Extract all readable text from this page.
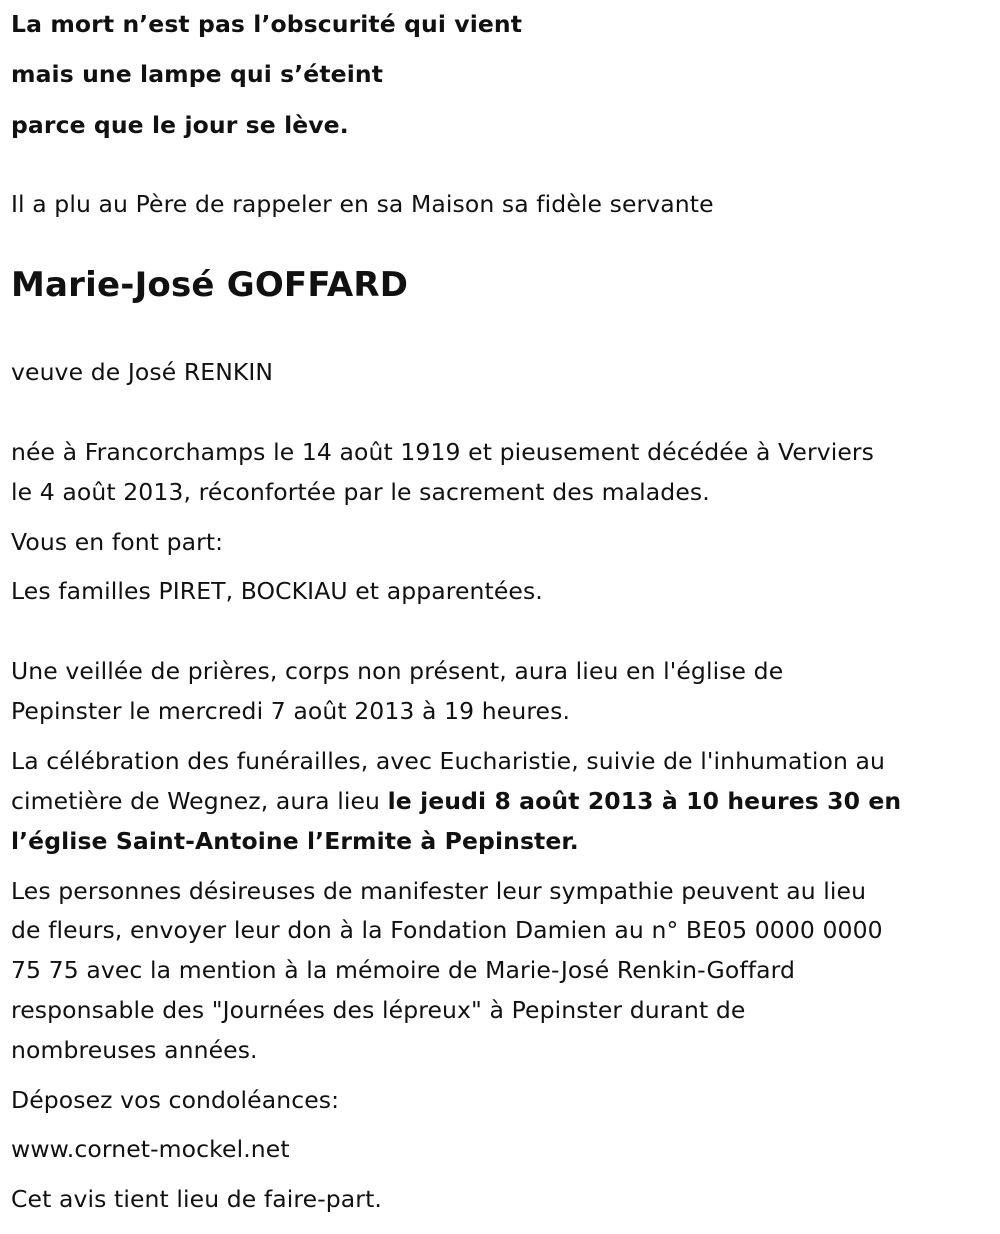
La mort n’est pas l’obscurité qui vient
mais une lampe qui s’éteint
parce que le jour se lève.
Il a plu au Père de rappeler en sa Maison sa fidèle servante
Marie-José GOFFARD
veuve de José RENKIN
née à Francorchamps le 14 août 1919 et pieusement décédée à Verviers
le 4 août 2013, réconfortée par le sacrement des malades.
Vous en font part:
Les familles PIRET, BOCKIAU et apparentées.
Une veillée de prières, corps non présent, aura lieu en l'église de
Pepinster le mercredi 7 août 2013 à 19 heures.
La célébration des funérailles, avec Eucharistie, suivie de l'inhumation au
cimetière de Wegnez, aura lieu le jeudi 8 août 2013 à 10 heures 30 en
l’église Saint-Antoine l’Ermite à Pepinster.
Les personnes désireuses de manifester leur sympathie peuvent au lieu
de fleurs, envoyer leur don à la Fondation Damien au n° BE05 0000 0000
75 75 avec la mention à la mémoire de Marie-José Renkin-Goffard
responsable des "Journées des lépreux" à Pepinster durant de
nombreuses années.
Déposez vos condoléances:
www.cornet-mockel.net
Cet avis tient lieu de faire-part.
